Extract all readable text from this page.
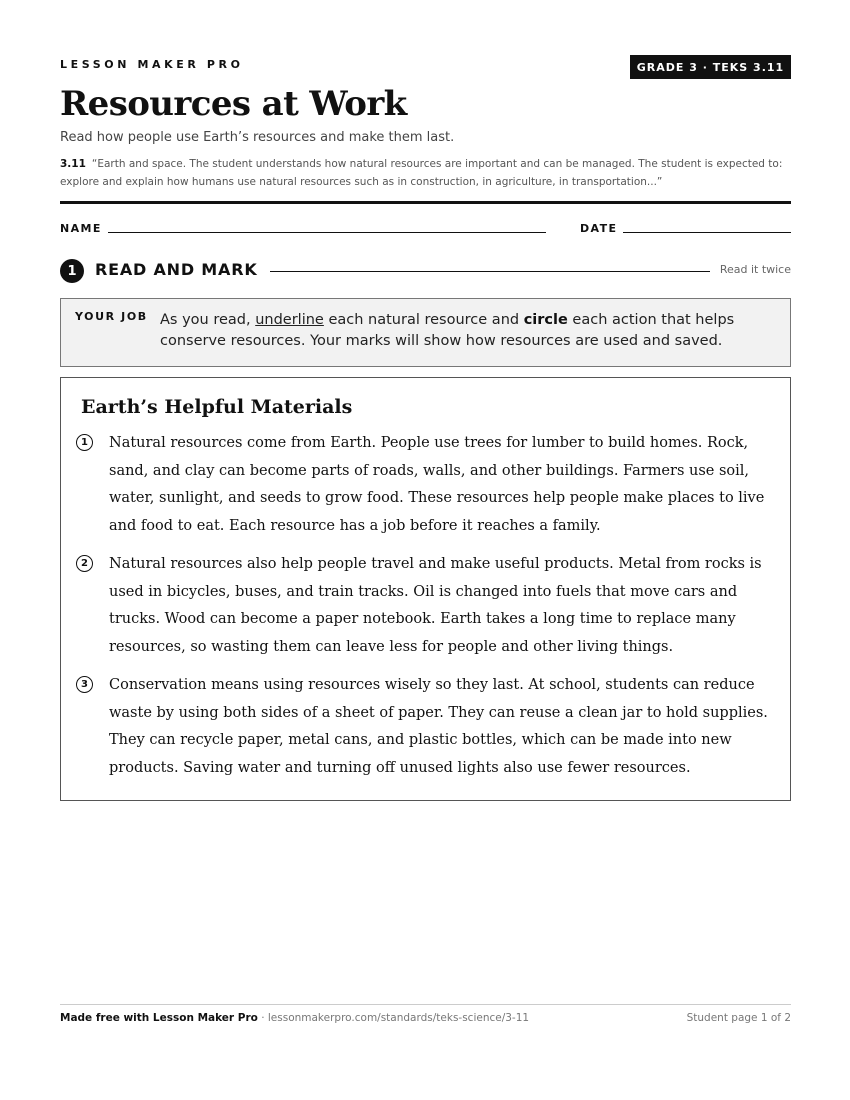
LESSON MAKER PRO	GRADE 3 · TEKS 3.11
Resources at Work
Read how people use Earth’s resources and make them last.
3.11 “Earth and space. The student understands how natural resources are important and can be managed. The student is expected to: explore and explain how humans use natural resources such as in construction, in agriculture, in transportation...”
NAME	DATE
1	READ AND MARK	Read it twice
YOUR JOB As you read, underline each natural resource and circle each action that helps conserve resources. Your marks will show how resources are used and saved.
Earth’s Helpful Materials
1	Natural resources come from Earth. People use trees for lumber to build homes. Rock, sand, and clay can become parts of roads, walls, and other buildings. Farmers use soil, water, sunlight, and seeds to grow food. These resources help people make places to live and food to eat. Each resource has a job before it reaches a family.
2	Natural resources also help people travel and make useful products. Metal from rocks is used in bicycles, buses, and train tracks. Oil is changed into fuels that move cars and trucks. Wood can become a paper notebook. Earth takes a long time to replace many resources, so wasting them can leave less for people and other living things.
3	Conservation means using resources wisely so they last. At school, students can reduce waste by using both sides of a sheet of paper. They can reuse a clean jar to hold supplies. They can recycle paper, metal cans, and plastic bottles, which can be made into new products. Saving water and turning off unused lights also use fewer resources.
Made free with Lesson Maker Pro · lessonmakerpro.com/standards/teks-science/3-11	Student page 1 of 2
